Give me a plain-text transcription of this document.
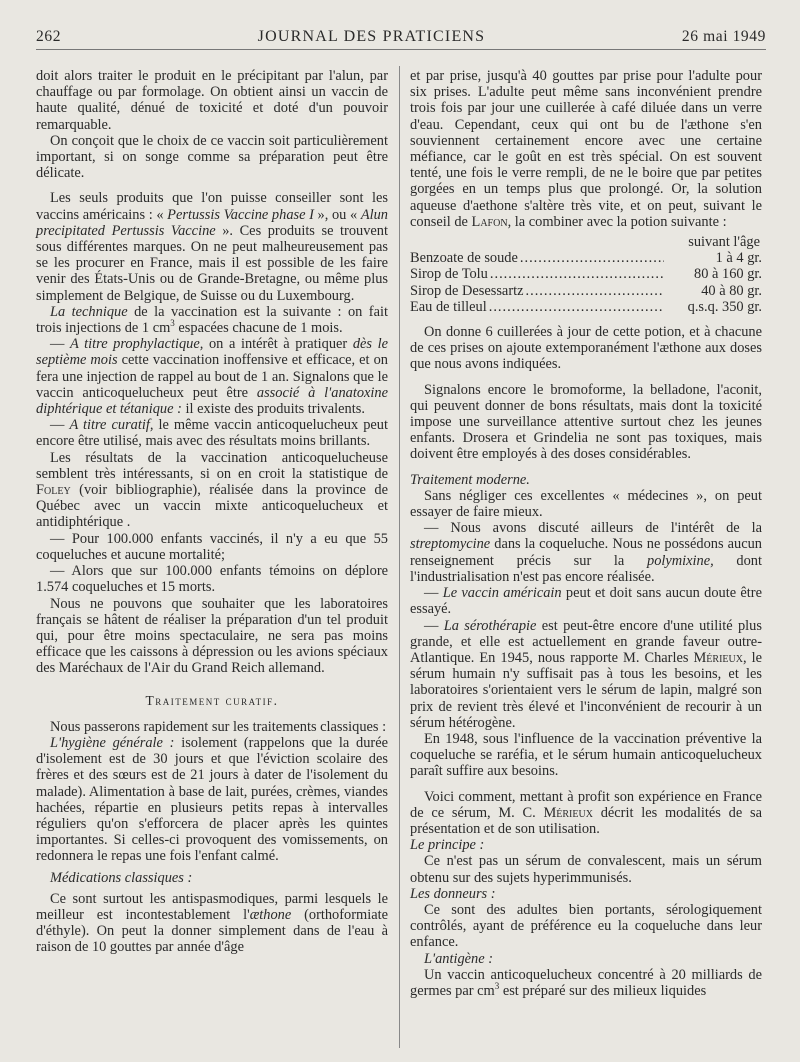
262	JOURNAL DES PRATICIENS	26 mai 1949

doit alors traiter le produit en le précipitant par l'alun, par chauffage ou par formolage. On obtient ainsi un vaccin de haute qualité, dénué de toxicité et doté d'un pouvoir remarquable.

On conçoit que le choix de ce vaccin soit particulièrement important, si on songe comme sa préparation peut être délicate.

Les seuls produits que l'on puisse conseiller sont les vaccins américains : « Pertussis Vaccine phase I », ou « Alun precipitated Pertussis Vaccine ». Ces produits se trouvent sous différentes marques. On ne peut malheureusement pas se les procurer en France, mais il est possible de les faire venir des États-Unis ou de Grande-Bretagne, ou même plus simplement de Belgique, de Suisse ou du Luxembourg.

La technique de la vaccination est la suivante : on fait trois injections de 1 $cm^3$ espacées chacune de 1 mois.

— A titre prophylactique, on a intérêt à pratiquer dès le septième mois cette vaccination inoffensive et efficace, et on fera une injection de rappel au bout de 1 an. Signalons que le vaccin anticoquelucheux peut être associé à l'anatoxine diphtérique et tétanique : il existe des produits trivalents.

— A titre curatif, le même vaccin anticoquelucheux peut encore être utilisé, mais avec des résultats moins brillants.

Les résultats de la vaccination anticoquelucheuse semblent très intéressants, si on en croit la statistique de Foley (voir bibliographie), réalisée dans la province de Québec avec un vaccin mixte anticoquelucheux et antidiphtérique .

— Pour 100.000 enfants vaccinés, il n'y a eu que 55 coqueluches et aucune mortalité;

— Alors que sur 100.000 enfants témoins on déplore 1.574 coqueluches et 15 morts.

Nous ne pouvons que souhaiter que les laboratoires français se hâtent de réaliser la préparation d'un tel produit qui, pour être moins spectaculaire, ne sera pas moins efficace que les caissons à dépression ou les avions spéciaux des Maréchaux de l'Air du Grand Reich allemand.

Traitement curatif.

Nous passerons rapidement sur les traitements classiques :

L'hygiène générale : isolement (rappelons que la durée d'isolement est de 30 jours et que l'éviction scolaire des frères et des sœurs est de 21 jours à dater de l'isolement du malade). Alimentation à base de lait, purées, crèmes, viandes hachées, répartie en plusieurs petits repas à intervalles réguliers qu'on s'efforcera de placer après les quintes importantes. Si celles-ci provoquent des vomissements, on redonnera le repas une fois l'enfant calmé.

Médications classiques :

Ce sont surtout les antispasmodiques, parmi lesquels le meilleur est incontestablement l'æthone (orthoformiate d'éthyle). On peut la donner simplement dans de l'eau à raison de 10 gouttes par année d'âge

et par prise, jusqu'à 40 gouttes par prise pour l'adulte pour six prises. L'adulte peut même sans inconvénient prendre trois fois par jour une cuillerée à café diluée dans un verre d'eau. Cependant, ceux qui ont bu de l'æthone s'en souviennent certainement encore avec une certaine méfiance, car le goût en est très spécial. On est souvent tenté, une fois le verre rempli, de ne le boire que par petites gorgées en un temps plus que prolongé. Or, la solution aqueuse d'aethone s'altère très vite, et on peut, suivant le conseil de Lafon, la combiner avec la potion suivante :

suivant l'âge
Benzoate de soude .....	1 à 4 gr.
Sirop de Tolu .....	80 à 160 gr.
Sirop de Desessartz .....	40 à 80 gr.
Eau de tilleul .....	q.s.q. 350 gr.

On donne 6 cuillerées à jour de cette potion, et à chacune de ces prises on ajoute extemporanément l'æthone aux doses que nous avons indiquées.

Signalons encore le bromoforme, la belladone, l'aconit, qui peuvent donner de bons résultats, mais dont la toxicité impose une surveillance attentive surtout chez les jeunes enfants. Drosera et Grindelia ne sont pas toxiques, mais doivent être employés à des doses considérables.

Traitement moderne.

Sans négliger ces excellentes « médecines », on peut essayer de faire mieux.

— Nous avons discuté ailleurs de l'intérêt de la streptomycine dans la coqueluche. Nous ne possédons aucun renseignement précis sur la polymixine, dont l'industrialisation n'est pas encore réalisée.

— Le vaccin américain peut et doit sans aucun doute être essayé.

— La sérothérapie est peut-être encore d'une utilité plus grande, et elle est actuellement en grande faveur outre-Atlantique. En 1945, nous rapporte M. Charles Mérieux, le sérum humain n'y suffisait pas à tous les besoins, et les laboratoires s'orientaient vers le sérum de lapin, malgré son prix de revient très élevé et l'inconvénient de recourir à un sérum hétérogène.

En 1948, sous l'influence de la vaccination préventive la coqueluche se raréfia, et le sérum humain anticoquelucheux paraît suffire aux besoins.

Voici comment, mettant à profit son expérience en France de ce sérum, M. C. Mérieux décrit les modalités de sa présentation et de son utilisation.

Le principe :

Ce n'est pas un sérum de convalescent, mais un sérum obtenu sur des sujets hyperimmunisés.

Les donneurs :

Ce sont des adultes bien portants, sérologiquement contrôlés, ayant de préférence eu la coqueluche dans leur enfance.

L'antigène :

Un vaccin anticoquelucheux concentré à 20 milliards de germes par $cm^3$ est préparé sur des milieux liquides
